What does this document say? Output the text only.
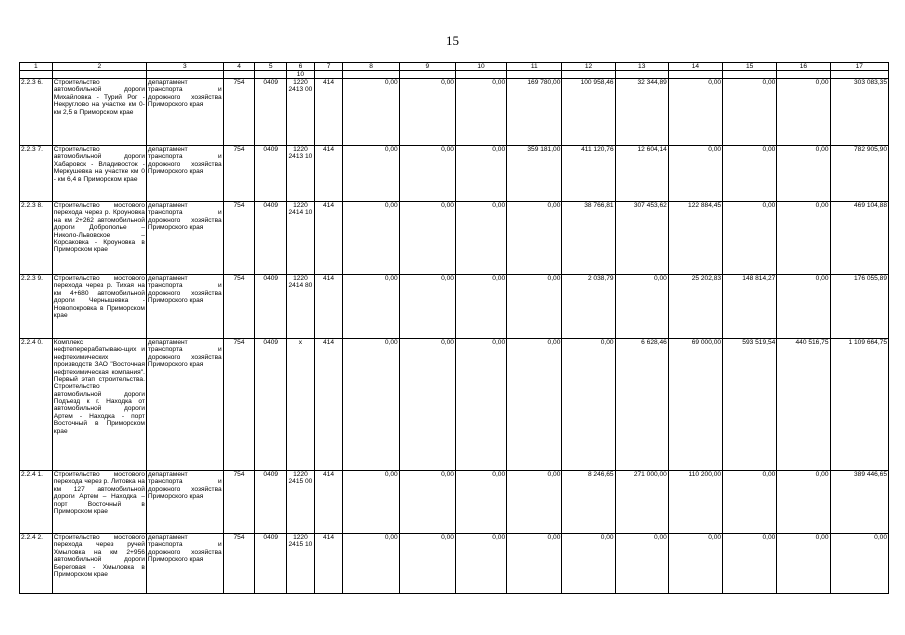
15
1	2	3	4	5	6	7	8	9	10	11	12	13	14	15	16	17
					10											
2.2.3 6.	Строительство автомобильной дороги Михайловка - Турий Рог - Некруглово на участке км 0- км 2,5 в Приморском крае	департамент транспорта и дорожного хозяйства Приморского края	754	0409	1220 2413 00	414	0,00	0,00	0,00	169 780,00	100 958,46	32 344,89	0,00	0,00	0,00	303 083,35
2.2.3 7.	Строительство автомобильной дороги Хабаровск - Владивосток - Меркушевка на участке км 0 - км 6,4 в Приморском крае	департамент транспорта и дорожного хозяйства Приморского края	754	0409	1220 2413 10	414	0,00	0,00	0,00	359 181,00	411 120,76	12 604,14	0,00	0,00	0,00	782 905,90
2.2.3 8.	Строительство мостового перехода через р. Кроуновка на км 2+262 автомобильной дороги Доброполье – Николо-Львовское – Корсаковка - Кроуновка в Приморском крае	департамент транспорта и дорожного хозяйства Приморского края	754	0409	1220 2414 10	414	0,00	0,00	0,00	0,00	38 766,81	307 453,62	122 884,45	0,00	0,00	469 104,88
2.2.3 9.	Строительство мостового перехода через р. Тихая на км 4+680 автомобильной дороги Чернышевка - Новопокровка в Приморском крае	департамент транспорта и дорожного хозяйства Приморского края	754	0409	1220 2414 80	414	0,00	0,00	0,00	0,00	2 038,79	0,00	25 202,83	148 814,27	0,00	176 055,89
2.2.4 0.	Комплекс нефтеперерабатываю-щих и нефтехимических производств ЗАО "Восточная нефтехимическая компания". Первый этап строительства. Строительство автомобильной дороги Подъезд к г. Находка от автомобильной дороги Артем - Находка - порт Восточный в Приморском крае	департамент транспорта и дорожного хозяйства Приморского края	754	0409	x	414	0,00	0,00	0,00	0,00	0,00	6 628,46	69 000,00	593 519,54	440 516,75	1 109 664,75
2.2.4 1.	Строительство мостового перехода через р. Литовка на км 127 автомобильной дороги Артем – Находка – порт Восточный в Приморском крае	департамент транспорта и дорожного хозяйства Приморского края	754	0409	1220 2415 00	414	0,00	0,00	0,00	0,00	8 246,65	271 000,00	110 200,00	0,00	0,00	389 446,65
2.2.4 2.	Строительство мостового перехода через ручей Хмыловка на км 2+956 автомобильной дороги Береговая - Хмыловка в Приморском крае	департамент транспорта и дорожного хозяйства Приморского края	754	0409	1220 2415 10	414	0,00	0,00	0,00	0,00	0,00	0,00	0,00	0,00	0,00	0,00
